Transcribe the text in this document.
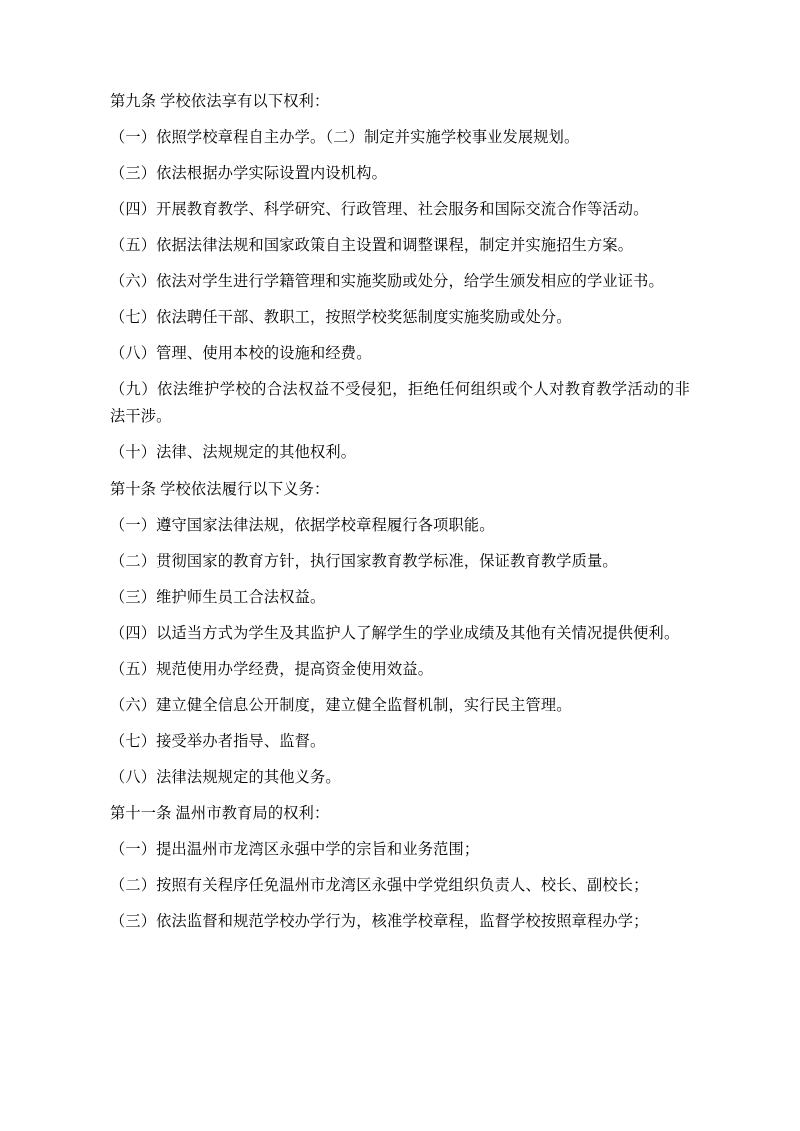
第九条 学校依法享有以下权利：

（一）依照学校章程自主办学。（二）制定并实施学校事业发展规划。

（三）依法根据办学实际设置内设机构。

（四）开展教育教学、科学研究、行政管理、社会服务和国际交流合作等活动。

（五）依据法律法规和国家政策自主设置和调整课程，制定并实施招生方案。

（六）依法对学生进行学籍管理和实施奖励或处分，给学生颁发相应的学业证书。

（七）依法聘任干部、教职工，按照学校奖惩制度实施奖励或处分。

（八）管理、使用本校的设施和经费。

（九）依法维护学校的合法权益不受侵犯，拒绝任何组织或个人对教育教学活动的非法干涉。

（十）法律、法规规定的其他权利。

第十条 学校依法履行以下义务：

（一）遵守国家法律法规，依据学校章程履行各项职能。

（二）贯彻国家的教育方针，执行国家教育教学标准，保证教育教学质量。

（三）维护师生员工合法权益。

（四）以适当方式为学生及其监护人了解学生的学业成绩及其他有关情况提供便利。

（五）规范使用办学经费，提高资金使用效益。

（六）建立健全信息公开制度，建立健全监督机制，实行民主管理。

（七）接受举办者指导、监督。

（八）法律法规规定的其他义务。

第十一条 温州市教育局的权利：

（一）提出温州市龙湾区永强中学的宗旨和业务范围；

（二）按照有关程序任免温州市龙湾区永强中学党组织负责人、校长、副校长；

（三）依法监督和规范学校办学行为，核准学校章程，监督学校按照章程办学；
